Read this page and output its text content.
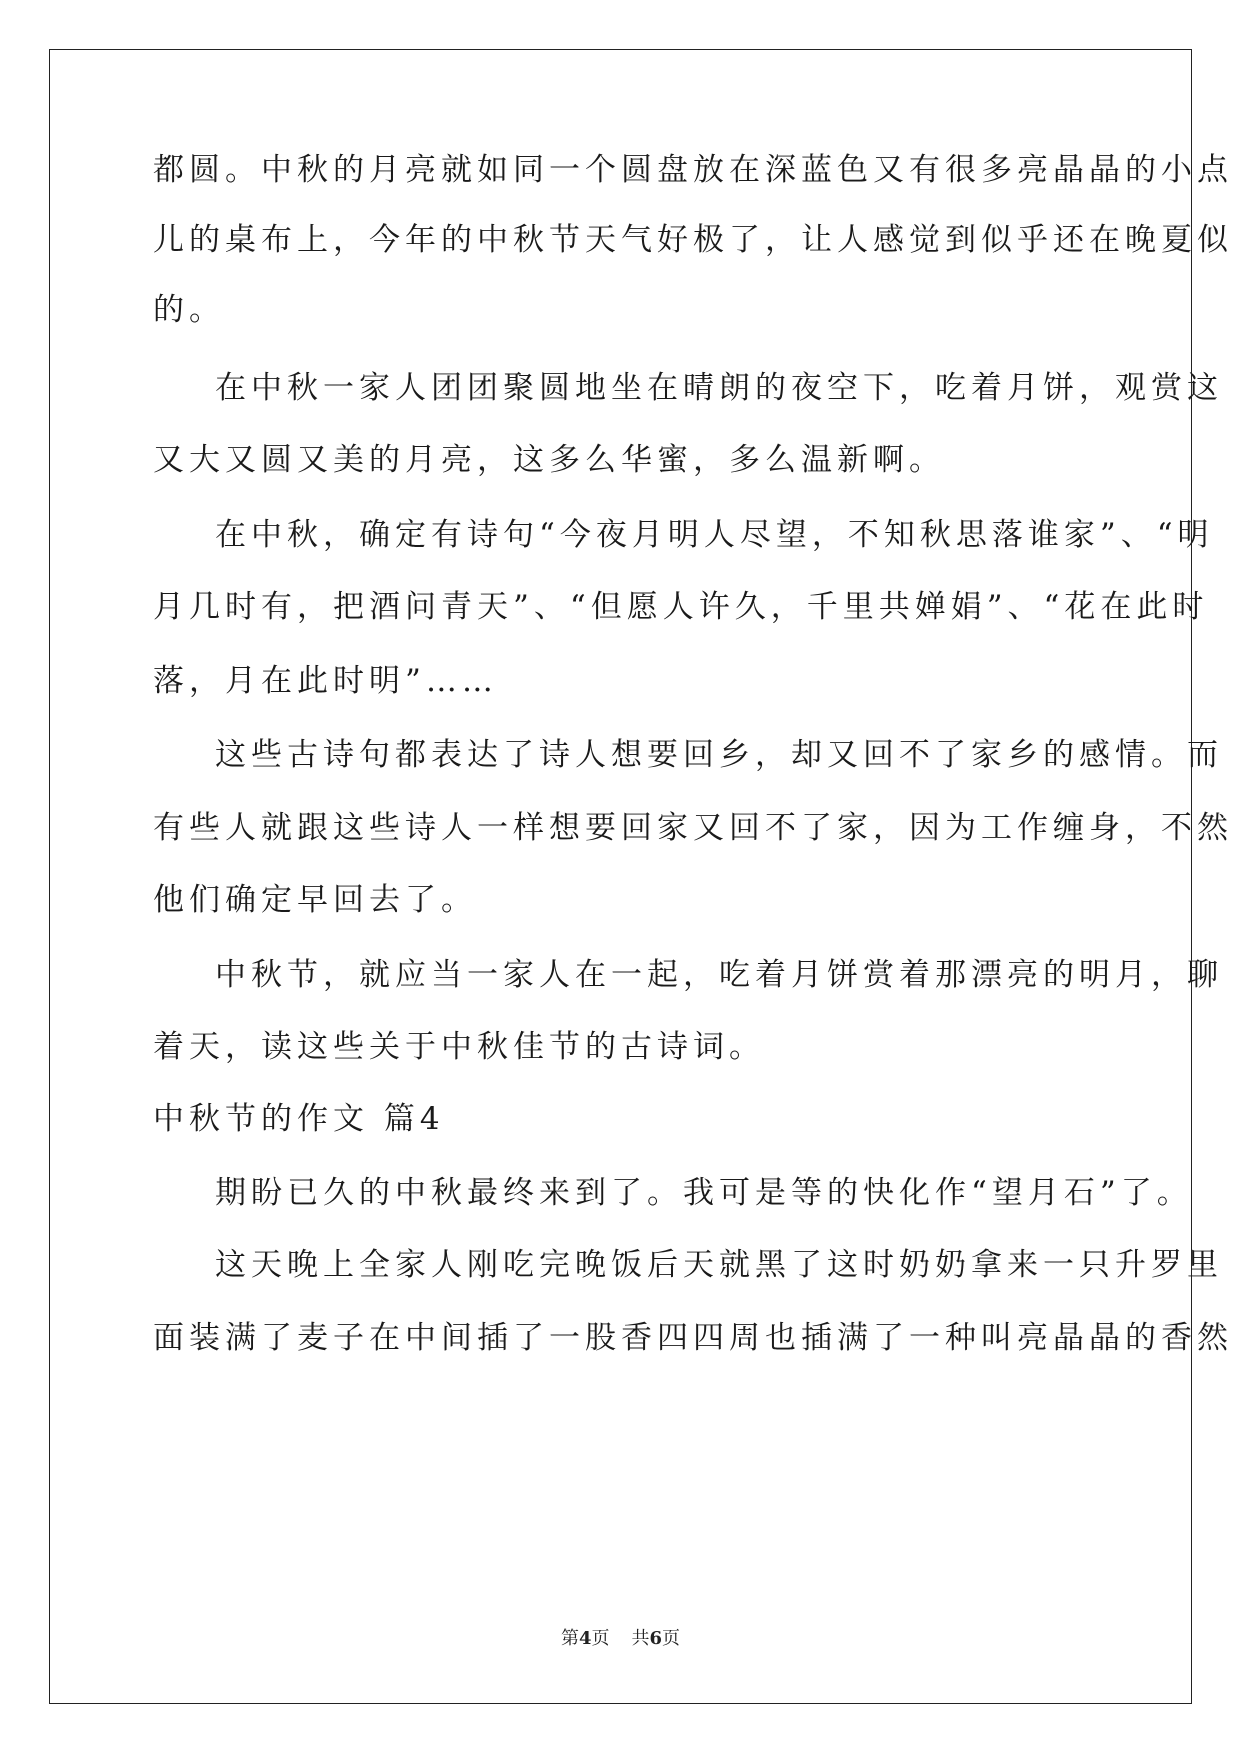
都圆。中秋的月亮就如同一个圆盘放在深蓝色又有很多亮晶晶的小点
儿的桌布上，今年的中秋节天气好极了，让人感觉到似乎还在晚夏似
的。
在中秋一家人团团聚圆地坐在晴朗的夜空下，吃着月饼，观赏这
又大又圆又美的月亮，这多么华蜜，多么温新啊。
在中秋，确定有诗句“今夜月明人尽望，不知秋思落谁家”、“明
月几时有，把酒问青天”、“但愿人许久，千里共婵娟”、“花在此时
落，月在此时明”……
这些古诗句都表达了诗人想要回乡，却又回不了家乡的感情。而
有些人就跟这些诗人一样想要回家又回不了家，因为工作缠身，不然
他们确定早回去了。
中秋节，就应当一家人在一起，吃着月饼赏着那漂亮的明月，聊
着天，读这些关于中秋佳节的古诗词。
中秋节的作文 篇4
期盼已久的中秋最终来到了。我可是等的快化作“望月石”了。
这天晚上全家人刚吃完晚饭后天就黑了这时奶奶拿来一只升罗里
面装满了麦子在中间插了一股香四四周也插满了一种叫亮晶晶的香然
第4页 共6页
